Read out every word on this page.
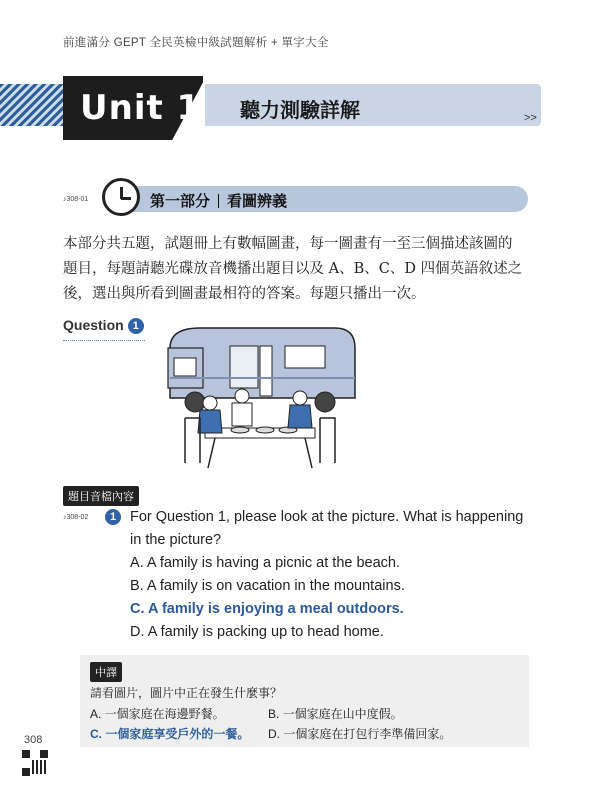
前進滿分 GEPT 全民英檢中級試題解析 + 單字大全
Unit 1 聽力測驗詳解	>>
♪308-01	第一部分 看圖辨義
本部分共五題，試題冊上有數幅圖畫，每一圖畫有一至三個描述該圖的
題目，每題請聽光碟放音機播出題目以及 A、B、C、D 四個英語敘述之
後，選出與所看到圖畫最相符的答案。每題只播出一次。
Question 1
題目音檔內容
♪308-02	1 For Question 1, please look at the picture. What is happening
in the picture?
A. A family is having a picnic at the beach.
B. A family is on vacation in the mountains.
C. A family is enjoying a meal outdoors.
D. A family is packing up to head home.
中譯
請看圖片，圖片中正在發生什麼事？
A. 一個家庭在海邊野餐。	B. 一個家庭在山中度假。
C. 一個家庭享受戶外的一餐。 D. 一個家庭在打包行李準備回家。
308
